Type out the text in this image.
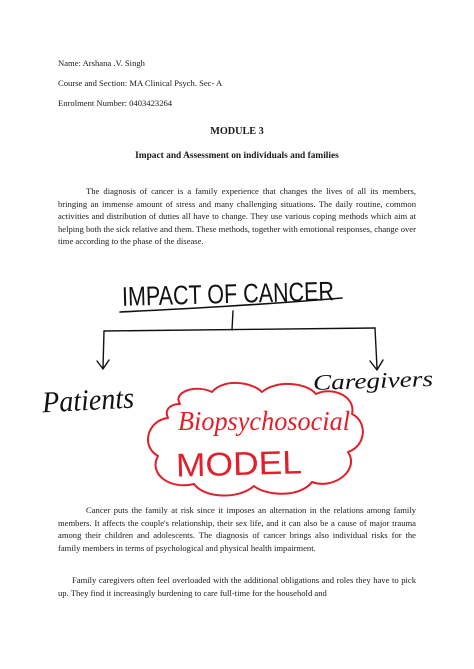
Name: Arshana .V. Singh
Course and Section: MA Clinical Psych. Sec- A
Enrolment Number: 0403423264
MODULE 3
Impact and Assessment on individuals and families

The diagnosis of cancer is a family experience that changes the lives of all its members, bringing an immense amount of stress and many challenging situations. The daily routine, common activities and distribution of duties all have to change. They use various coping methods which aim at helping both the sick relative and them. These methods, together with emotional responses, change over time according to the phase of the disease.

IMPACT OF CANCER
Patients
Caregivers
Biopsychosocial
MODEL

Cancer puts the family at risk since it imposes an alternation in the relations among family members. It affects the couple's relationship, their sex life, and it can also be a cause of major trauma among their children and adolescents. The diagnosis of cancer brings also individual risks for the family members in terms of psychological and physical health impairment.

Family caregivers often feel overloaded with the additional obligations and roles they have to pick up. They find it increasingly burdening to care full-time for the household and
